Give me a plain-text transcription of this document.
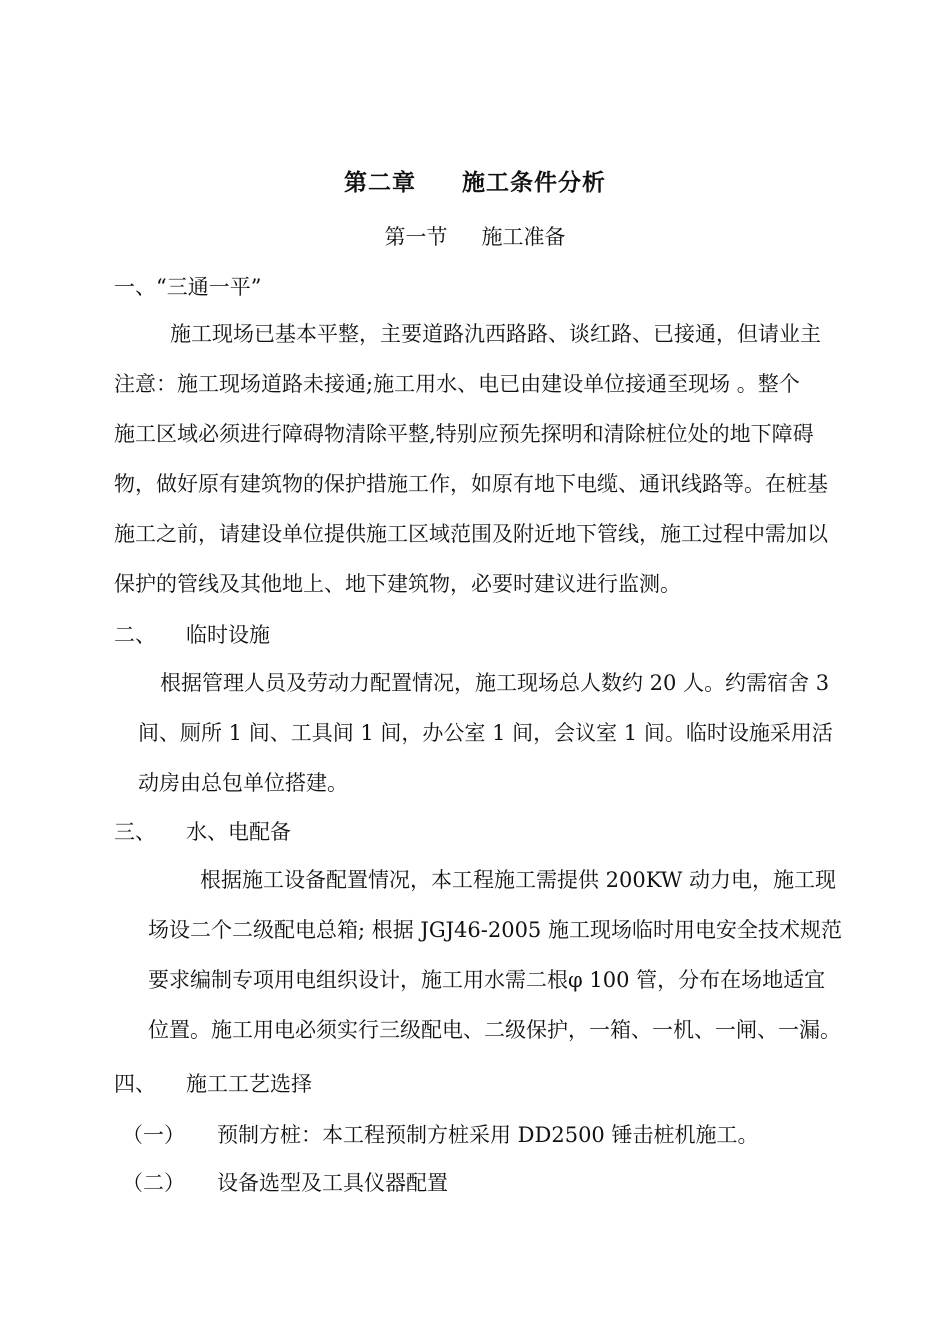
第二章 施工条件分析
第一节 施工准备
一、“三通一平”
施工现场已基本平整，主要道路氿西路路、谈红路、已接通，但请业主
注意：施工现场道路未接通;施工用水、电已由建设单位接通至现场 。整个
施工区域必须进行障碍物清除平整,特别应预先探明和清除桩位处的地下障碍
物，做好原有建筑物的保护措施工作，如原有地下电缆、通讯线路等。在桩基
施工之前，请建设单位提供施工区域范围及附近地下管线，施工过程中需加以
保护的管线及其他地上、地下建筑物，必要时建议进行监测。
二、 临时设施
根据管理人员及劳动力配置情况，施工现场总人数约 20 人。约需宿舍 3
间、厕所 1 间、工具间 1 间，办公室 1 间，会议室 1 间。临时设施采用活
动房由总包单位搭建。
三、 水、电配备
根据施工设备配置情况，本工程施工需提供 200KW 动力电，施工现
场设二个二级配电总箱; 根据 JGJ46-2005 施工现场临时用电安全技术规范
要求编制专项用电组织设计，施工用水需二根φ 100 管，分布在场地适宜
位置。施工用电必须实行三级配电、二级保护，一箱、一机、一闸、一漏。
四、 施工工艺选择
（一） 预制方桩：本工程预制方桩采用 DD2500 锤击桩机施工。
（二） 设备选型及工具仪器配置
